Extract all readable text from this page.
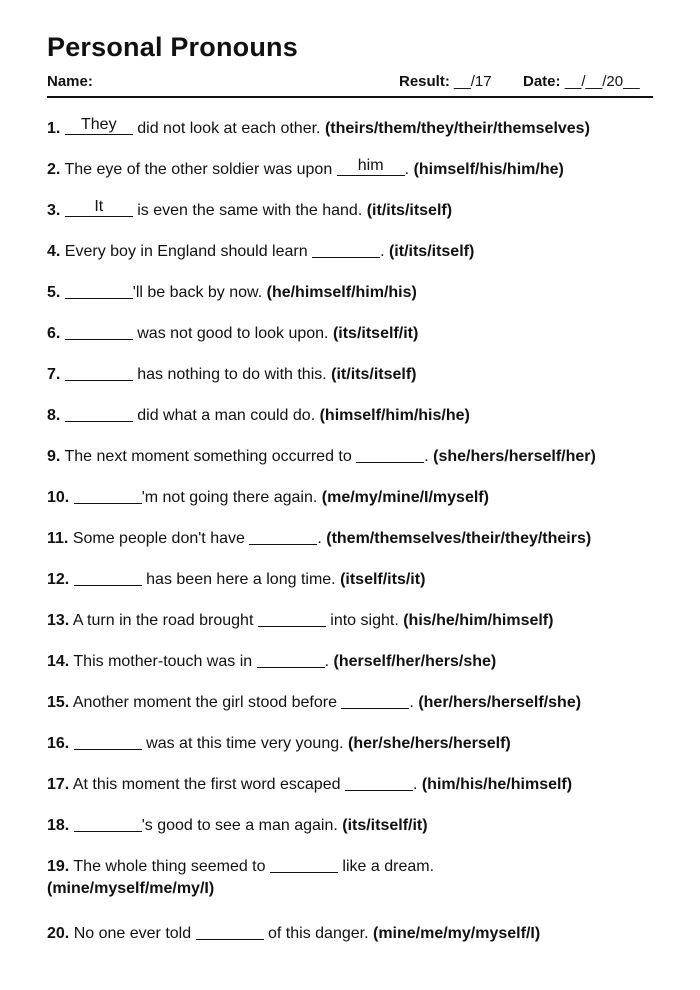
Personal Pronouns
Name:	Result: __/17 Date: __/__/20__
1.	They	did not look at each other. (theirs/them/they/their/themselves)
2. The eye of the other soldier was upon	him	. (himself/his/him/he)
3.	It	is even the same with the hand. (it/its/itself)
4. Every boy in England should learn	. (it/its/itself)
5.	'll be back by now. (he/himself/him/his)
6.	was not good to look upon. (its/itself/it)
7.	has nothing to do with this. (it/its/itself)
8.	did what a man could do. (himself/him/his/he)
9. The next moment something occurred to	. (she/hers/herself/her)
10.	'm not going there again. (me/my/mine/I/myself)
11. Some people don't have	. (them/themselves/their/they/theirs)
12.	has been here a long time. (itself/its/it)
13. A turn in the road brought	into sight. (his/he/him/himself)
14. This mother-touch was in	. (herself/her/hers/she)
15. Another moment the girl stood before	. (her/hers/herself/she)
16.	was at this time very young. (her/she/hers/herself)
17. At this moment the first word escaped	. (him/his/he/himself)
18.	's good to see a man again. (its/itself/it)
19. The whole thing seemed to	like a dream. (mine/myself/me/my/I)
20. No one ever told	of this danger. (mine/me/my/myself/I)
